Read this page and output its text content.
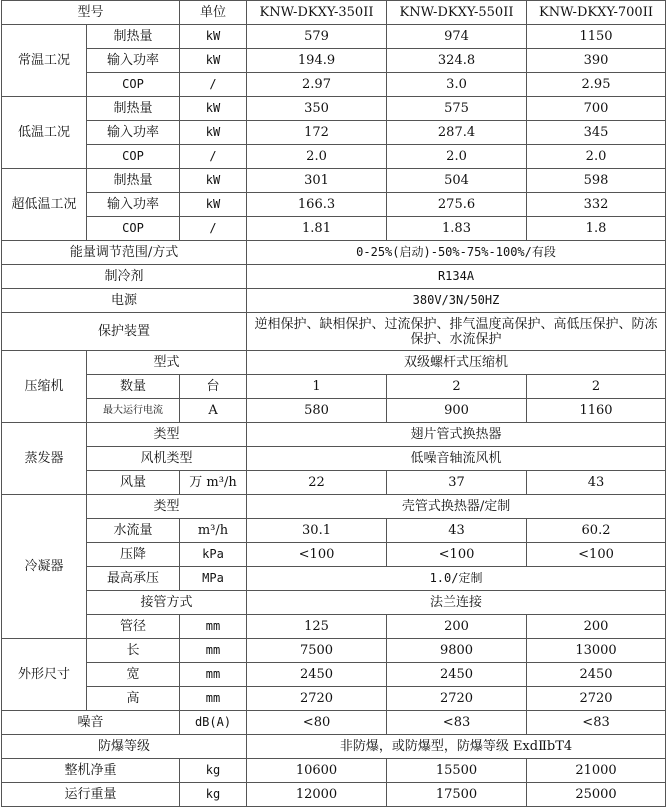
型号		单位	KNW-DKXY-350II	KNW-DKXY-550II	KNW-DKXY-700II
常温工况	制热量	kW	579	974	1150
	输入功率	kW	194.9	324.8	390
	COP	/	2.97	3.0	2.95
低温工况	制热量	kW	350	575	700
	输入功率	kW	172	287.4	345
	COP	/	2.0	2.0	2.0
超低温工况	制热量	kW	301	504	598
	输入功率	kW	166.3	275.6	332
	COP	/	1.81	1.83	1.8
能量调节范围/方式			0-25%(启动)-50%-75%-100%/有段		
制冷剂			R134A		
电源			380V/3N/50HZ		
保护装置			逆相保护、缺相保护、过流保护、排气温度高保护、高低压保护、防冻保护、水流保护		
压缩机	型式		双级螺杆式压缩机		
	数量	台	1	2	2
	最大运行电流	A	580	900	1160
蒸发器	类型		翅片管式换热器		
	风机类型		低噪音轴流风机		
	风量	万 m³/h	22	37	43
冷凝器	类型		壳管式换热器/定制		
	水流量	m³/h	30.1	43	60.2
	压降	kPa	<100	<100	<100
	最高承压	MPa	1.0/定制		
	接管方式		法兰连接		
	管径	mm	125	200	200
外形尺寸	长	mm	7500	9800	13000
	宽	mm	2450	2450	2450
	高	mm	2720	2720	2720
噪音		dB(A)	<80	<83	<83
防爆等级			非防爆，或防爆型，防爆等级 ExdⅡbT4		
整机净重		kg	10600	15500	21000
运行重量		kg	12000	17500	25000
